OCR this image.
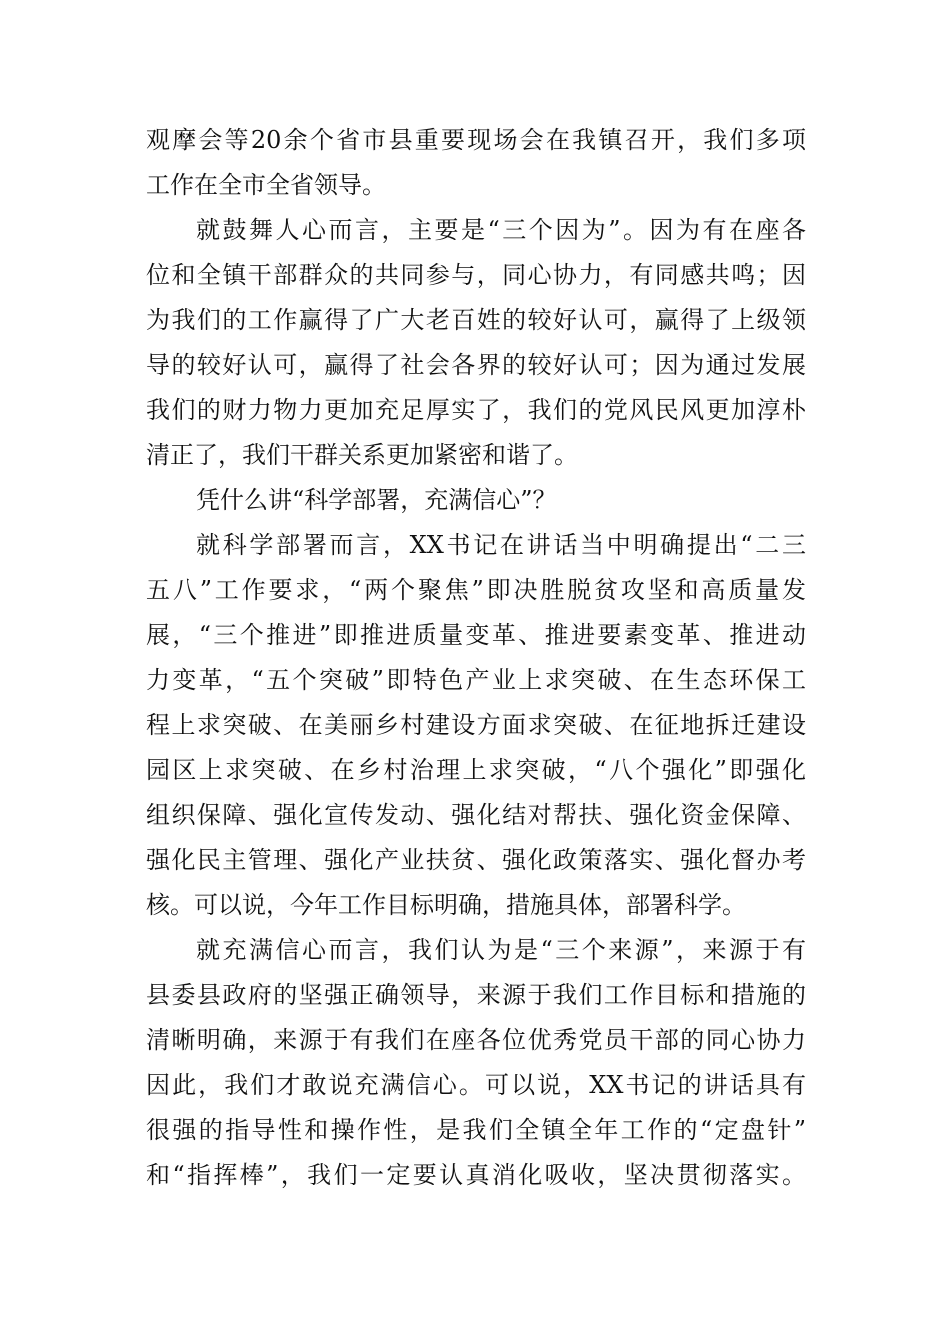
观摩会等20余个省市县重要现场会在我镇召开，我们多项
工作在全市全省领导。
就鼓舞人心而言，主要是“三个因为”。因为有在座各
位和全镇干部群众的共同参与，同心协力，有同感共鸣；因
为我们的工作赢得了广大老百姓的较好认可，赢得了上级领
导的较好认可，赢得了社会各界的较好认可；因为通过发展
我们的财力物力更加充足厚实了，我们的党风民风更加淳朴
清正了，我们干群关系更加紧密和谐了。
凭什么讲“科学部署，充满信心”？
就科学部署而言，XX书记在讲话当中明确提出“二三
五八”工作要求，“两个聚焦”即决胜脱贫攻坚和高质量发
展，“三个推进”即推进质量变革、推进要素变革、推进动
力变革，“五个突破”即特色产业上求突破、在生态环保工
程上求突破、在美丽乡村建设方面求突破、在征地拆迁建设
园区上求突破、在乡村治理上求突破，“八个强化”即强化
组织保障、强化宣传发动、强化结对帮扶、强化资金保障、
强化民主管理、强化产业扶贫、强化政策落实、强化督办考
核。可以说，今年工作目标明确，措施具体，部署科学。
就充满信心而言，我们认为是“三个来源”，来源于有
县委县政府的坚强正确领导，来源于我们工作目标和措施的
清晰明确，来源于有我们在座各位优秀党员干部的同心协力
因此，我们才敢说充满信心。可以说，XX书记的讲话具有
很强的指导性和操作性，是我们全镇全年工作的“定盘针”
和“指挥棒”，我们一定要认真消化吸收，坚决贯彻落实。
